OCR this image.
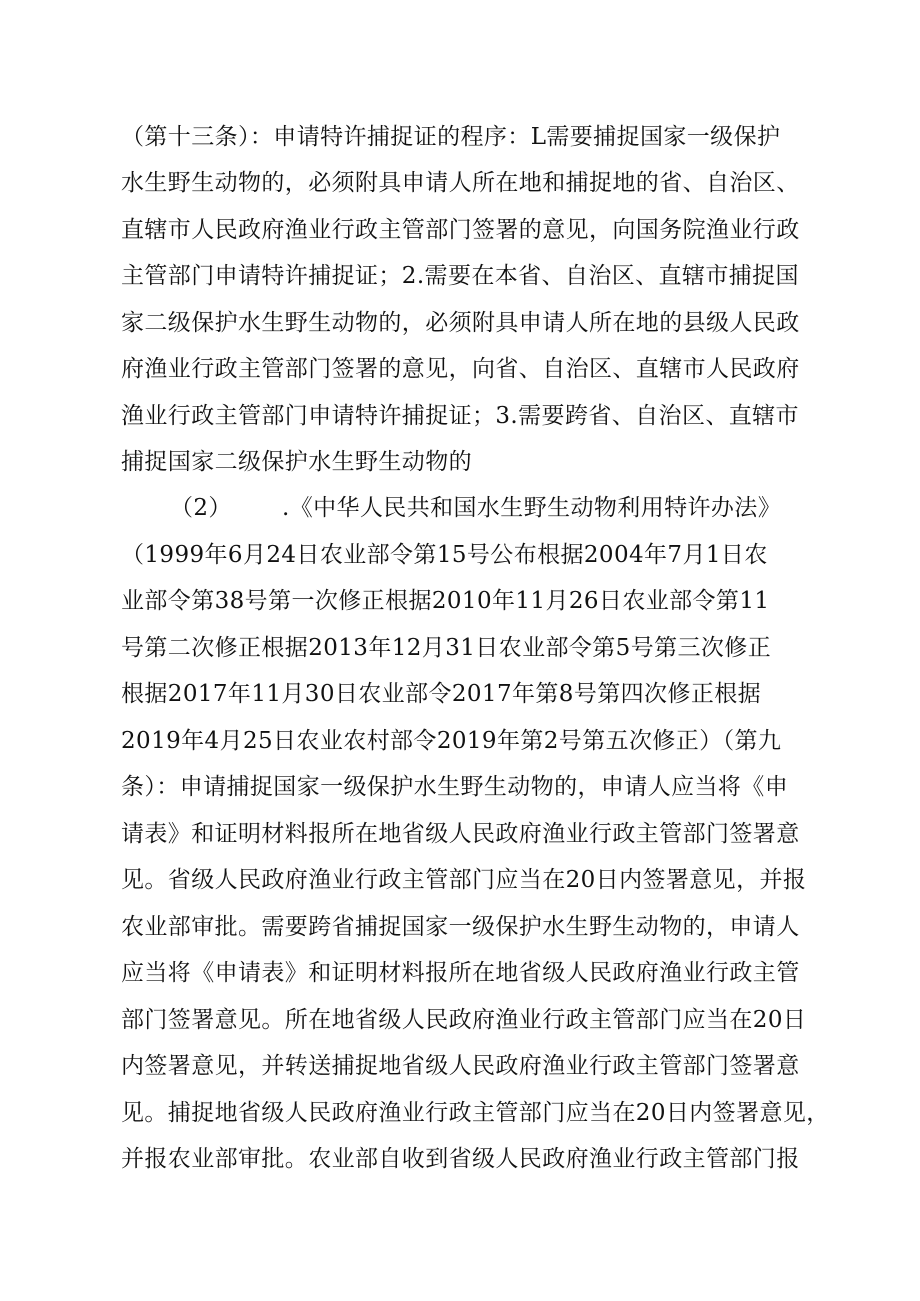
（第十三条）：申请特许捕捉证的程序：L需要捕捉国家一级保护
水生野生动物的，必须附具申请人所在地和捕捉地的省、自治区、
直辖市人民政府渔业行政主管部门签署的意见，向国务院渔业行政
主管部门申请特许捕捉证；2.需要在本省、自治区、直辖市捕捉国
家二级保护水生野生动物的，必须附具申请人所在地的县级人民政
府渔业行政主管部门签署的意见，向省、自治区、直辖市人民政府
渔业行政主管部门申请特许捕捉证；3.需要跨省、自治区、直辖市
捕捉国家二级保护水生野生动物的
（2） .《中华人民共和国水生野生动物利用特许办法》
（1999年6月24日农业部令第15号公布根据2004年7月1日农
业部令第38号第一次修正根据2010年11月26日农业部令第11
号第二次修正根据2013年12月31日农业部令第5号第三次修正
根据2017年11月30日农业部令2017年第8号第四次修正根据
2019年4月25日农业农村部令2019年第2号第五次修正）（第九
条）：申请捕捉国家一级保护水生野生动物的，申请人应当将《申
请表》和证明材料报所在地省级人民政府渔业行政主管部门签署意
见。省级人民政府渔业行政主管部门应当在20日内签署意见，并报
农业部审批。需要跨省捕捉国家一级保护水生野生动物的，申请人
应当将《申请表》和证明材料报所在地省级人民政府渔业行政主管
部门签署意见。所在地省级人民政府渔业行政主管部门应当在20日
内签署意见，并转送捕捉地省级人民政府渔业行政主管部门签署意
见。捕捉地省级人民政府渔业行政主管部门应当在20日内签署意见，
并报农业部审批。农业部自收到省级人民政府渔业行政主管部门报
